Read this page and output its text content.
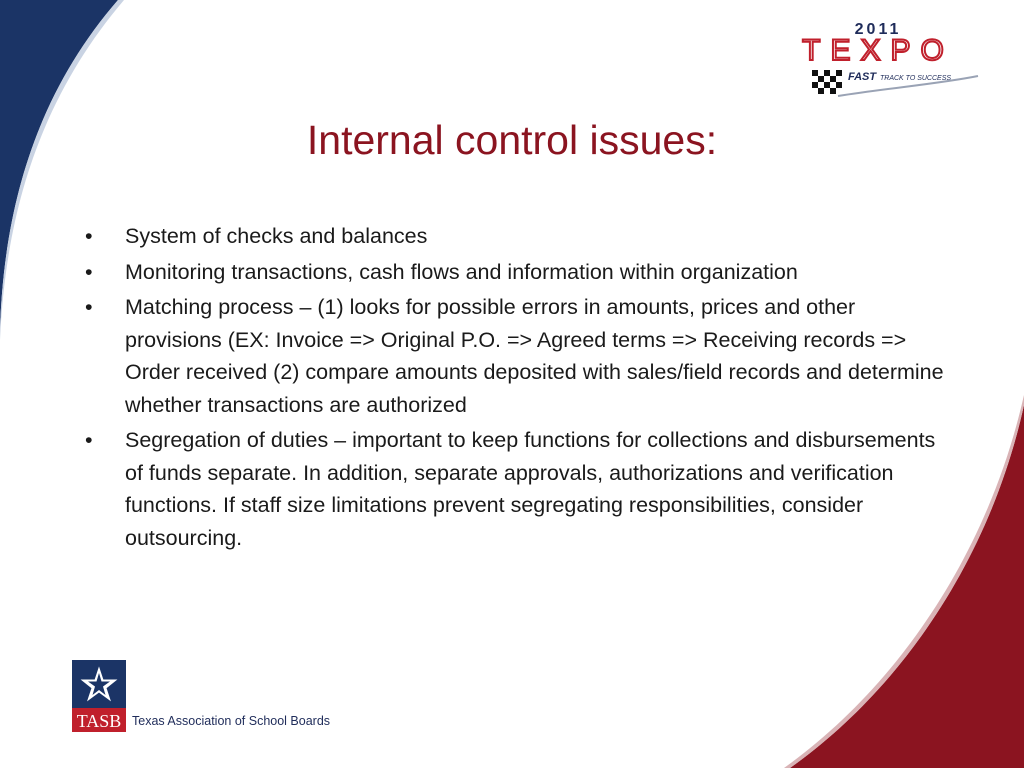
2011
TEXPO
FAST TRACK TO SUCCESS
Internal control issues:
• System of checks and balances
• Monitoring transactions, cash flows and information within organization
• Matching process – (1) looks for possible errors in amounts, prices and other provisions (EX: Invoice => Original P.O. => Agreed terms => Receiving records => Order received (2) compare amounts deposited with sales/field records and determine whether transactions are authorized
• Segregation of duties – important to keep functions for collections and disbursements of funds separate. In addition, separate approvals, authorizations and verification functions. If staff size limitations prevent segregating responsibilities, consider outsourcing.
TASB Texas Association of School Boards
